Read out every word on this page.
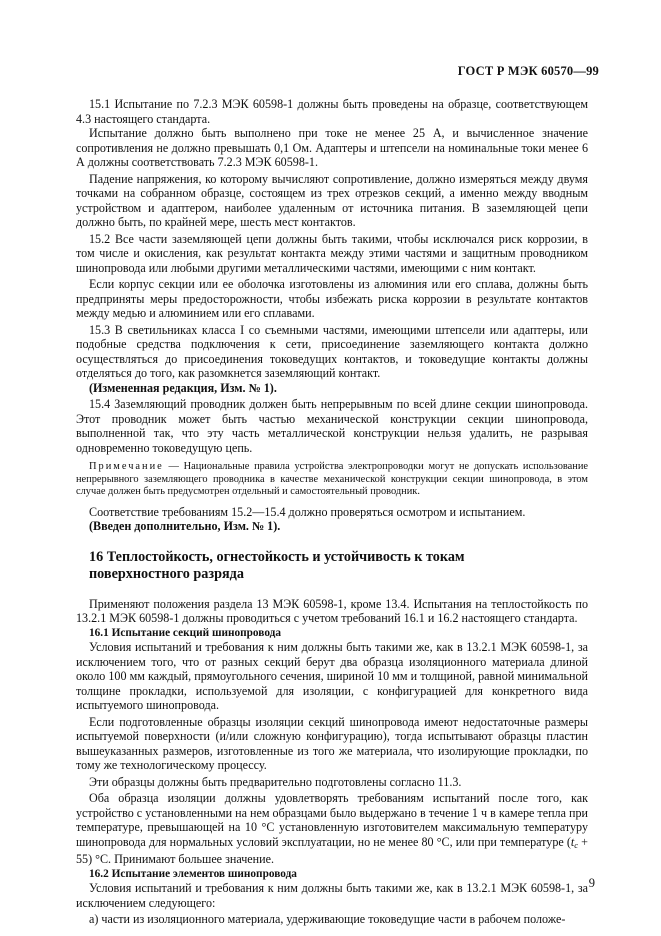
ГОСТ Р МЭК 60570—99

15.1 Испытание по 7.2.3 МЭК 60598-1 должны быть проведены на образце, соответствующем 4.3 настоящего стандарта.

Испытание должно быть выполнено при токе не менее 25 А, и вычисленное значение сопротивления не должно превышать 0,1 Ом. Адаптеры и штепсели на номинальные токи менее 6 А должны соответствовать 7.2.3 МЭК 60598-1.

Падение напряжения, ко которому вычисляют сопротивление, должно измеряться между двумя точками на собранном образце, состоящем из трех отрезков секций, а именно между вводным устройством и адаптером, наиболее удаленным от источника питания. В заземляющей цепи должно быть, по крайней мере, шесть мест контактов.

15.2 Все части заземляющей цепи должны быть такими, чтобы исключался риск коррозии, в том числе и окисления, как результат контакта между этими частями и защитным проводником шинопровода или любыми другими металлическими частями, имеющими с ним контакт.

Если корпус секции или ее оболочка изготовлены из алюминия или его сплава, должны быть предприняты меры предосторожности, чтобы избежать риска коррозии в результате контактов между медью и алюминием или его сплавами.

15.3 В светильниках класса I со съемными частями, имеющими штепсели или адаптеры, или подобные средства подключения к сети, присоединение заземляющего контакта должно осуществляться до присоединения токоведущих контактов, и токоведущие контакты должны отделяться до того, как разомкнется заземляющий контакт.

(Измененная редакция, Изм. № 1).

15.4 Заземляющий проводник должен быть непрерывным по всей длине секции шинопровода. Этот проводник может быть частью механической конструкции секции шинопровода, выполненной так, что эту часть металлической конструкции нельзя удалить, не разрывая одновременно токоведущую цепь.

Примечание — Национальные правила устройства электропроводки могут не допускать использование непрерывного заземляющего проводника в качестве механической конструкции секции шинопровода, в этом случае должен быть предусмотрен отдельный и самостоятельный проводник.

Соответствие требованиям 15.2—15.4 должно проверяться осмотром и испытанием.

(Введен дополнительно, Изм. № 1).

16 Теплостойкость, огнестойкость и устойчивость к токам
поверхностного разряда

Применяют положения раздела 13 МЭК 60598-1, кроме 13.4. Испытания на теплостойкость по 13.2.1 МЭК 60598-1 должны проводиться с учетом требований 16.1 и 16.2 настоящего стандарта.

16.1 Испытание секций шинопровода

Условия испытаний и требования к ним должны быть такими же, как в 13.2.1 МЭК 60598-1, за исключением того, что от разных секций берут два образца изоляционного материала длиной около 100 мм каждый, прямоугольного сечения, шириной 10 мм и толщиной, равной минимальной толщине прокладки, используемой для изоляции, с конфигурацией для конкретного вида испытуемого шинопровода.

Если подготовленные образцы изоляции секций шинопровода имеют недостаточные размеры испытуемой поверхности (и/или сложную конфигурацию), тогда испытывают образцы пластин вышеуказанных размеров, изготовленные из того же материала, что изолирующие прокладки, по тому же технологическому процессу.

Эти образцы должны быть предварительно подготовлены согласно 11.3.

Оба образца изоляции должны удовлетворять требованиям испытаний после того, как устройство с установленными на нем образцами было выдержано в течение 1 ч в камере тепла при температуре, превышающей на 10 °С установленную изготовителем максимальную температуру шинопровода для нормальных условий эксплуатации, но не менее 80 °С, или при температуре (tc + 55) °С. Принимают большее значение.

16.2 Испытание элементов шинопровода

Условия испытаний и требования к ним должны быть такими же, как в 13.2.1 МЭК 60598-1, за исключением следующего:

а) части из изоляционного материала, удерживающие токоведущие части в рабочем положе-

9
